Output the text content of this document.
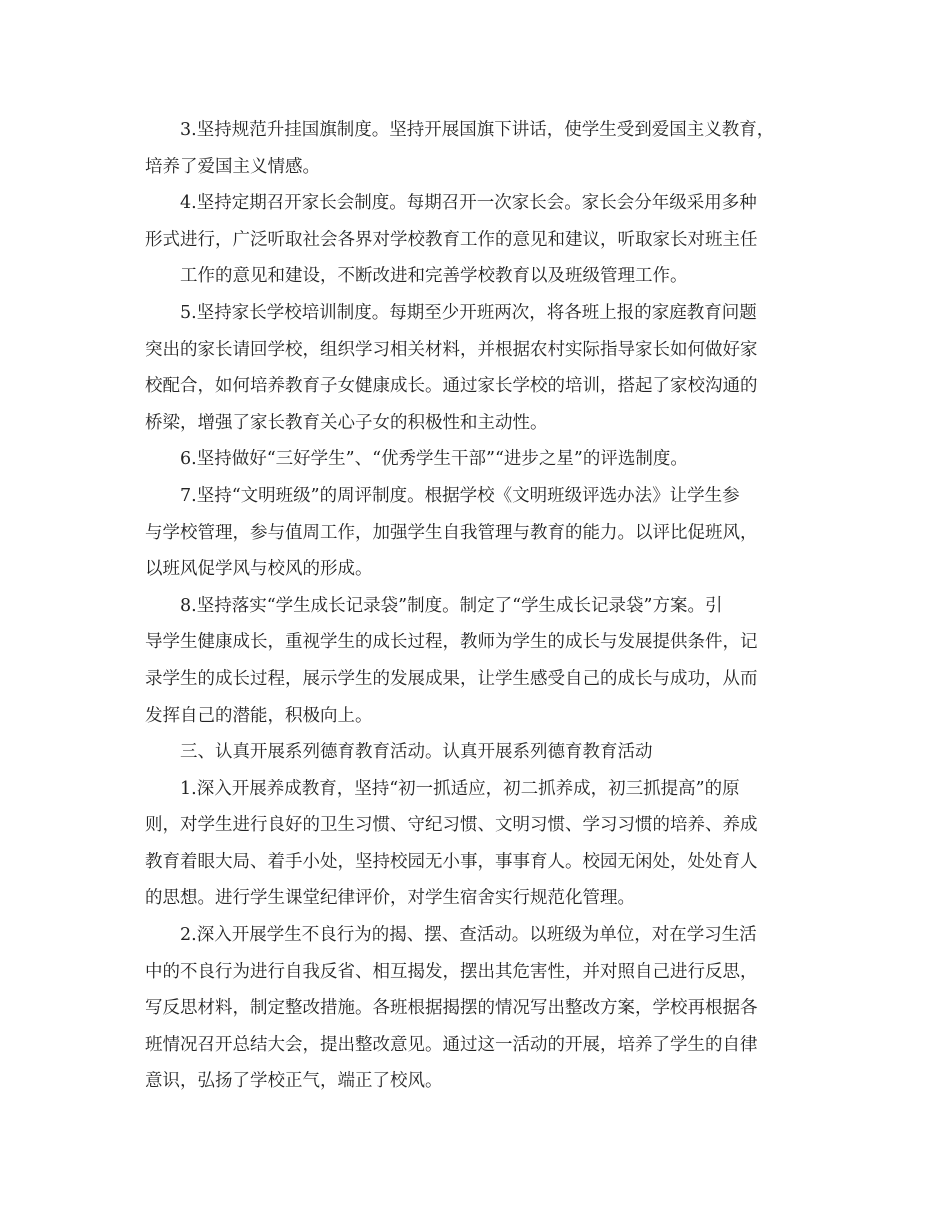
3.坚持规范升挂国旗制度。坚持开展国旗下讲话，使学生受到爱国主义教育，
培养了爱国主义情感。
4.坚持定期召开家长会制度。每期召开一次家长会。家长会分年级采用多种
形式进行，广泛听取社会各界对学校教育工作的意见和建议，听取家长对班主任
工作的意见和建设，不断改进和完善学校教育以及班级管理工作。
5.坚持家长学校培训制度。每期至少开班两次，将各班上报的家庭教育问题
突出的家长请回学校，组织学习相关材料，并根据农村实际指导家长如何做好家
校配合，如何培养教育子女健康成长。通过家长学校的培训，搭起了家校沟通的
桥梁，增强了家长教育关心子女的积极性和主动性。
6.坚持做好“三好学生”、“优秀学生干部”“进步之星”的评选制度。
7.坚持“文明班级”的周评制度。根据学校《文明班级评选办法》让学生参
与学校管理，参与值周工作，加强学生自我管理与教育的能力。以评比促班风，
以班风促学风与校风的形成。
8.坚持落实“学生成长记录袋”制度。制定了“学生成长记录袋”方案。引
导学生健康成长，重视学生的成长过程，教师为学生的成长与发展提供条件，记
录学生的成长过程，展示学生的发展成果，让学生感受自己的成长与成功，从而
发挥自己的潜能，积极向上。
三、认真开展系列德育教育活动。认真开展系列德育教育活动
1.深入开展养成教育，坚持“初一抓适应，初二抓养成，初三抓提高”的原
则，对学生进行良好的卫生习惯、守纪习惯、文明习惯、学习习惯的培养、养成
教育着眼大局、着手小处，坚持校园无小事，事事育人。校园无闲处，处处育人
的思想。进行学生课堂纪律评价，对学生宿舍实行规范化管理。
2.深入开展学生不良行为的揭、摆、查活动。以班级为单位，对在学习生活
中的不良行为进行自我反省、相互揭发，摆出其危害性，并对照自己进行反思，
写反思材料，制定整改措施。各班根据揭摆的情况写出整改方案，学校再根据各
班情况召开总结大会，提出整改意见。通过这一活动的开展，培养了学生的自律
意识，弘扬了学校正气，端正了校风。
